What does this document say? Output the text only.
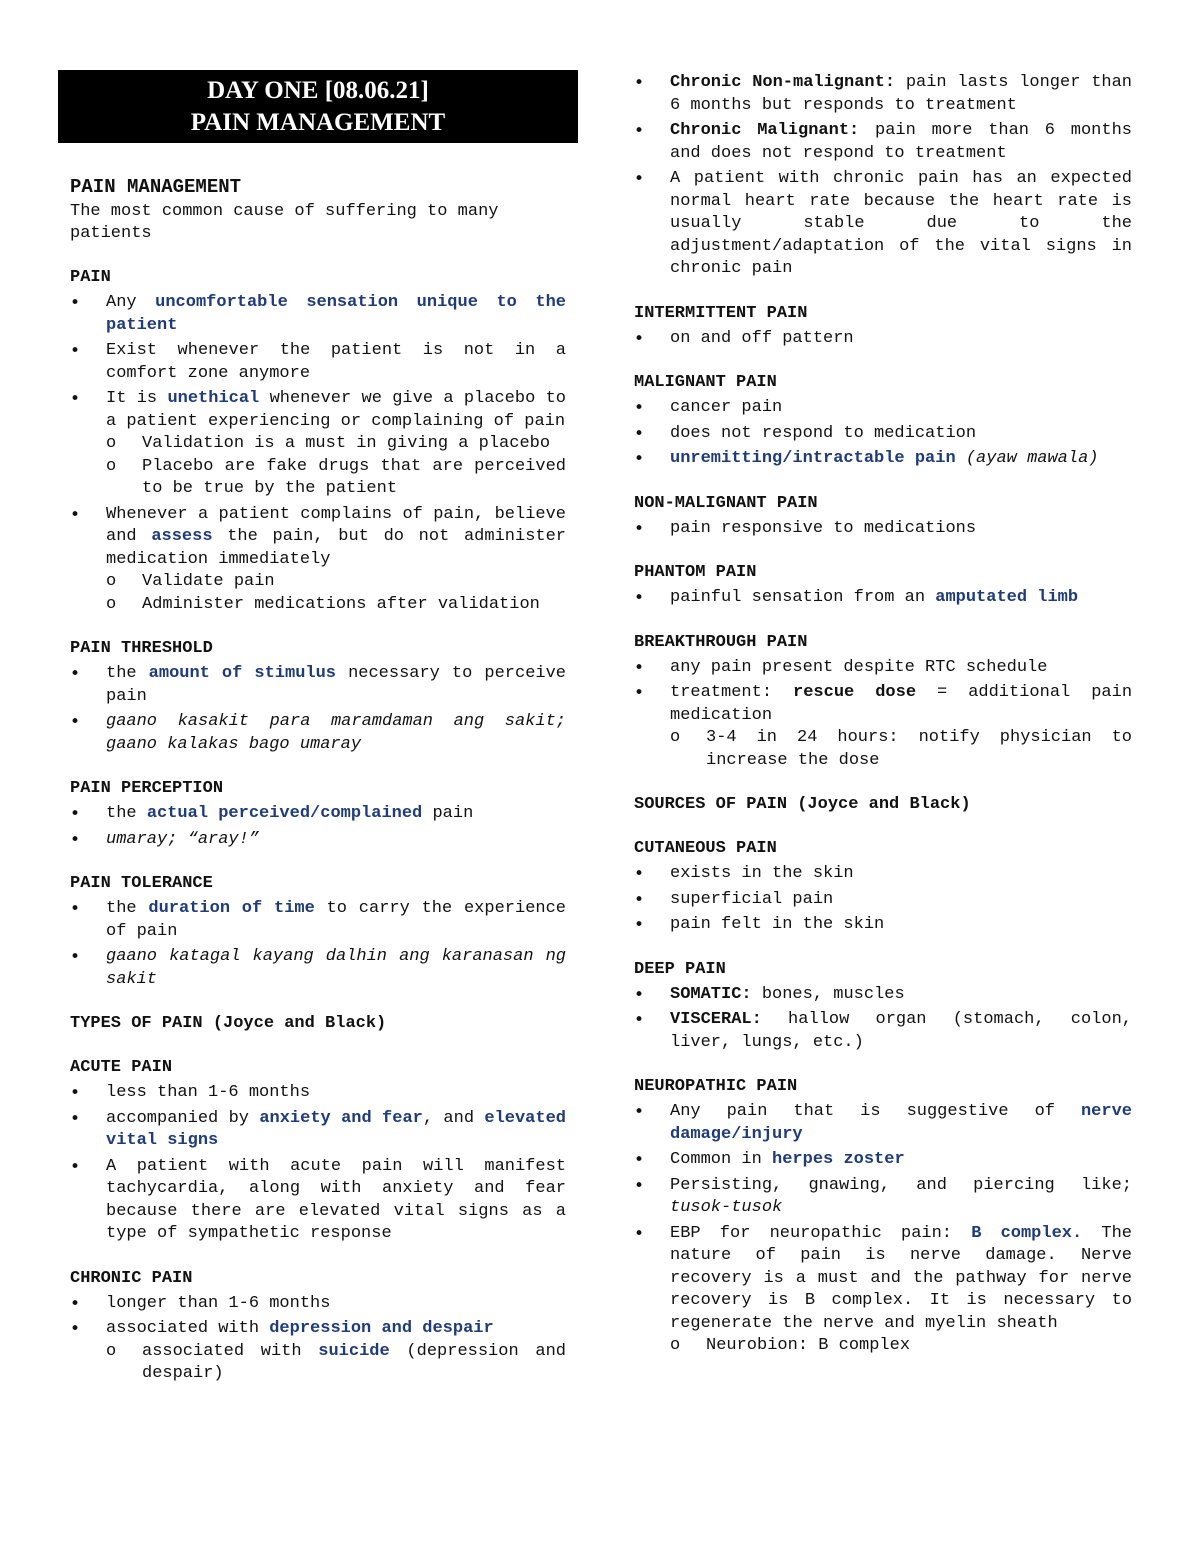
DAY ONE [08.06.21]
PAIN MANAGEMENT
PAIN MANAGEMENT

The most common cause of suffering to many patients

PAIN
• Any uncomfortable sensation unique to the patient
• Exist whenever the patient is not in a comfort zone anymore
• It is unethical whenever we give a placebo to a patient experiencing or complaining of pain
o Validation is a must in giving a placebo
o Placebo are fake drugs that are perceived to be true by the patient
• Whenever a patient complains of pain, believe and assess the pain, but do not administer medication immediately
o Validate pain
o Administer medications after validation
PAIN THRESHOLD
• the amount of stimulus necessary to perceive pain
• gaano kasakit para maramdaman ang sakit; gaano kalakas bago umaray
PAIN PERCEPTION
• the actual perceived/complained pain
• umaray; “aray!”
PAIN TOLERANCE
• the duration of time to carry the experience of pain
• gaano katagal kayang dalhin ang karanasan ng sakit
TYPES OF PAIN (Joyce and Black)
ACUTE PAIN
• less than 1-6 months
• accompanied by anxiety and fear, and elevated vital signs
• A patient with acute pain will manifest tachycardia, along with anxiety and fear because there are elevated vital signs as a type of sympathetic response
CHRONIC PAIN
• longer than 1-6 months
• associated with depression and despair
o associated with suicide (depression and despair)
• Chronic Non-malignant: pain lasts longer than 6 months but responds to treatment
• Chronic Malignant: pain more than 6 months and does not respond to treatment
• A patient with chronic pain has an expected normal heart rate because the heart rate is usually stable due to the adjustment/adaptation of the vital signs in chronic pain
INTERMITTENT PAIN
• on and off pattern
MALIGNANT PAIN
• cancer pain
• does not respond to medication
• unremitting/intractable pain (ayaw mawala)
NON-MALIGNANT PAIN
• pain responsive to medications
PHANTOM PAIN
• painful sensation from an amputated limb
BREAKTHROUGH PAIN
• any pain present despite RTC schedule
• treatment: rescue dose = additional pain medication
o 3-4 in 24 hours: notify physician to increase the dose
SOURCES OF PAIN (Joyce and Black)
CUTANEOUS PAIN
• exists in the skin
• superficial pain
• pain felt in the skin
DEEP PAIN
• SOMATIC: bones, muscles
• VISCERAL: hallow organ (stomach, colon, liver, lungs, etc.)
NEUROPATHIC PAIN
• Any pain that is suggestive of nerve damage/injury
• Common in herpes zoster
• Persisting, gnawing, and piercing like; tusok-tusok
• EBP for neuropathic pain: B complex. The nature of pain is nerve damage. Nerve recovery is a must and the pathway for nerve recovery is B complex. It is necessary to regenerate the nerve and myelin sheath
o Neurobion: B complex
